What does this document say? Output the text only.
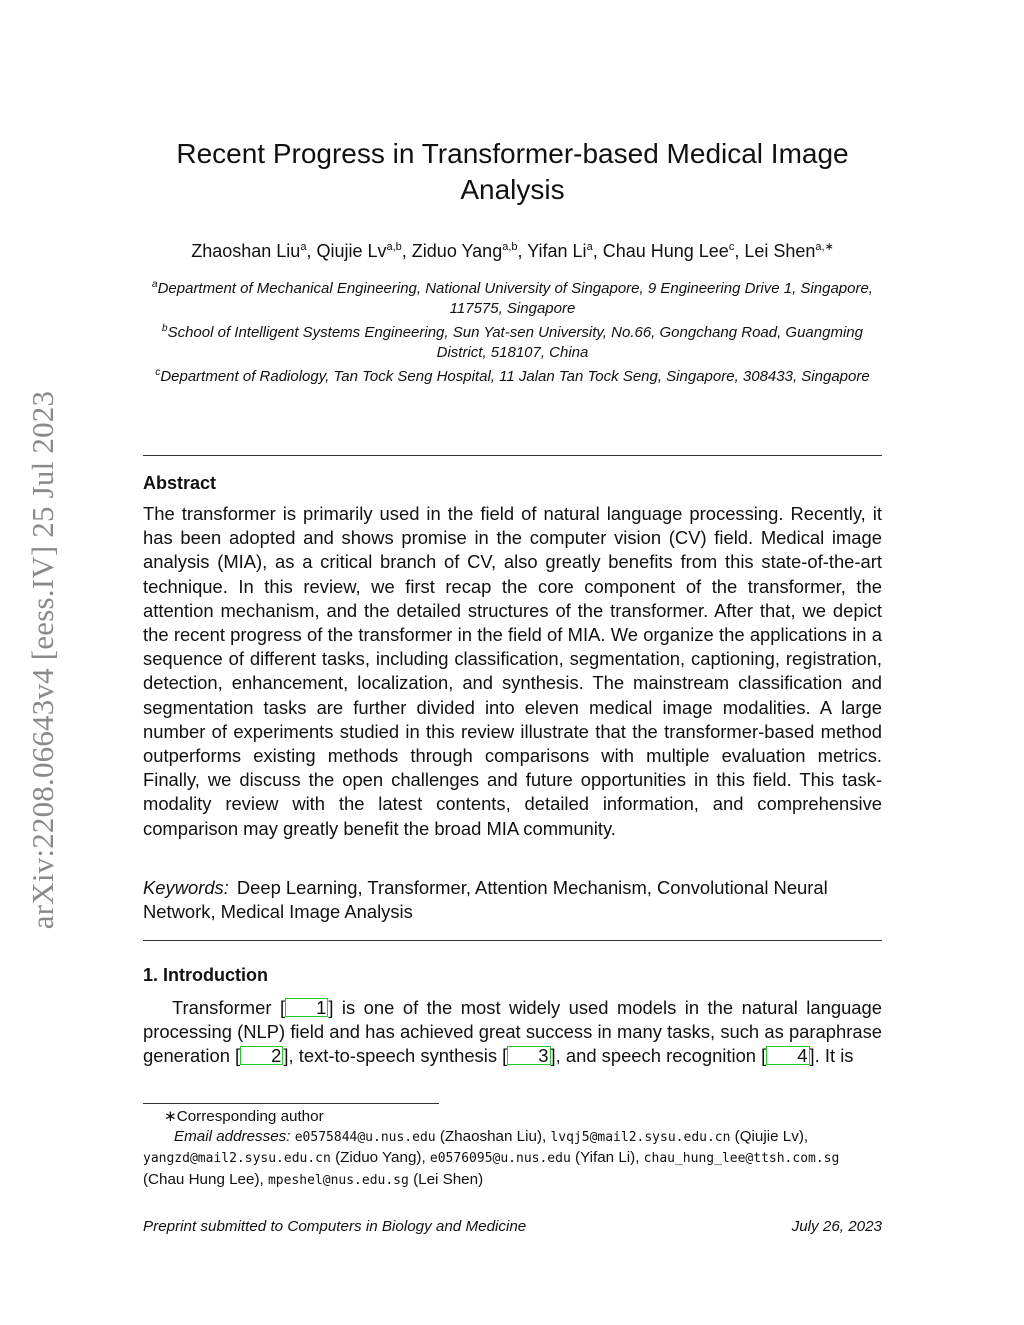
arXiv:2208.06643v4 [eess.IV] 25 Jul 2023
Recent Progress in Transformer-based Medical Image Analysis
Zhaoshan Liu$^a$, Qiujie Lv$^{a,b}$, Ziduo Yang$^{a,b}$, Yifan Li$^a$, Chau Hung Lee$^c$, Lei Shen$^{a,∗}$
$^a$Department of Mechanical Engineering, National University of Singapore, 9 Engineering Drive 1, Singapore, 117575, Singapore
$^b$School of Intelligent Systems Engineering, Sun Yat-sen University, No.66, Gongchang Road, Guangming District, 518107, China
$^c$Department of Radiology, Tan Tock Seng Hospital, 11 Jalan Tan Tock Seng, Singapore, 308433, Singapore
Abstract

The transformer is primarily used in the field of natural language processing. Recently, it has been adopted and shows promise in the computer vision (CV) field. Medical image analysis (MIA), as a critical branch of CV, also greatly benefits from this state-of-the-art technique. In this review, we first recap the core component of the transformer, the attention mechanism, and the detailed structures of the transformer. After that, we depict the recent progress of the transformer in the field of MIA. We organize the applications in a sequence of different tasks, including classification, segmentation, captioning, registration, detection, enhancement, localization, and synthesis. The mainstream classification and segmentation tasks are further divided into eleven medical image modalities. A large number of experiments studied in this review illustrate that the transformer-based method outperforms existing methods through comparisons with multiple evaluation metrics. Finally, we discuss the open challenges and future opportunities in this field. This task-modality review with the latest contents, detailed information, and comprehensive comparison may greatly benefit the broad MIA community.

Keywords: Deep Learning, Transformer, Attention Mechanism, Convolutional Neural Network, Medical Image Analysis

1. Introduction

Transformer [ 1 ] is one of the most widely used models in the natural language processing (NLP) field and has achieved great success in many tasks, such as paraphrase generation [ 2 ], text-to-speech synthesis [ 3 ], and speech recognition [ 4 ]. It is

∗Corresponding author
Email addresses: e0575844@u.nus.edu (Zhaoshan Liu), lvqj5@mail2.sysu.edu.cn (Qiujie Lv), yangzd@mail2.sysu.edu.cn (Ziduo Yang), e0576095@u.nus.edu (Yifan Li), chau_hung_lee@ttsh.com.sg (Chau Hung Lee), mpeshel@nus.edu.sg (Lei Shen)
Preprint submitted to Computers in Biology and Medicine	July 26, 2023
